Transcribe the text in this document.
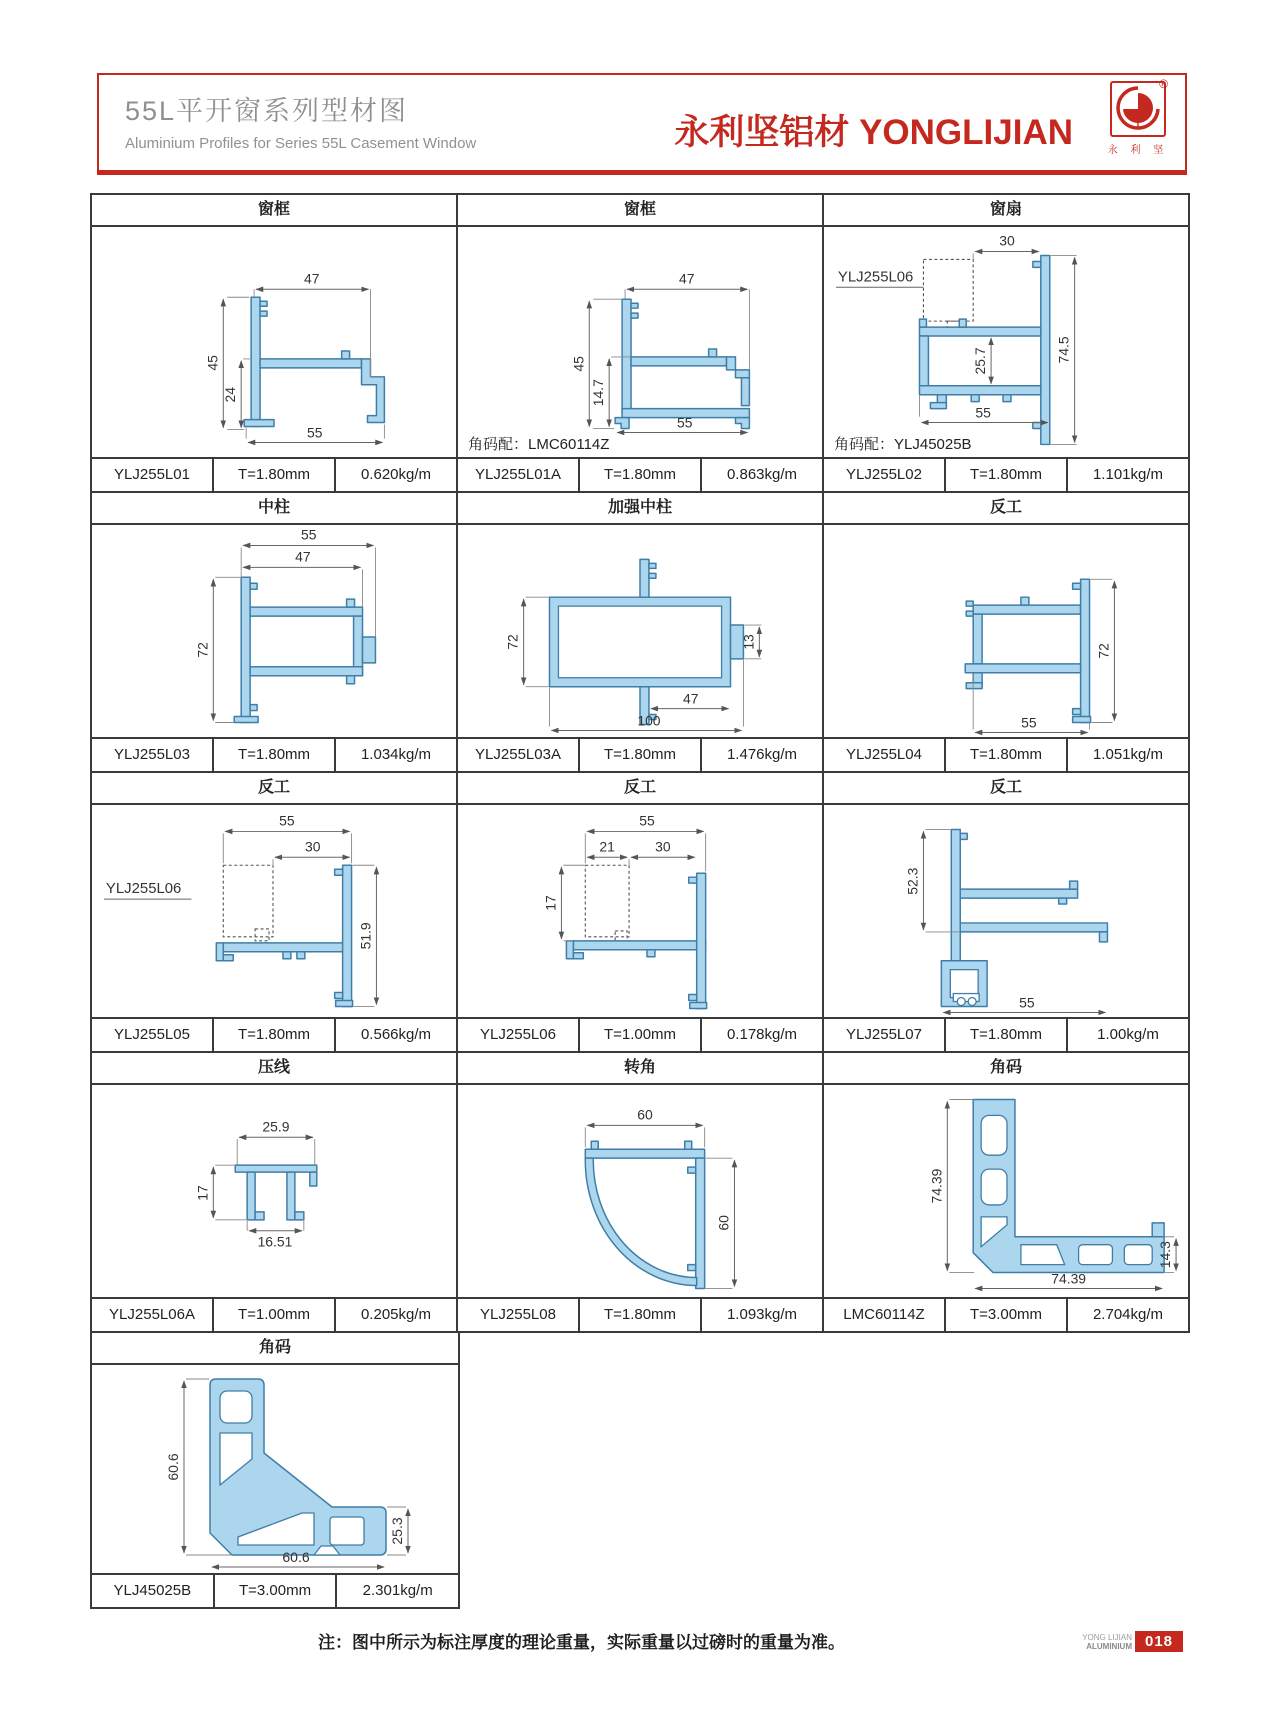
55L平开窗系列型材图
Aluminium Profiles for Series 55L Casement Window	永利坚铝材 YONGLIJIAN
®
丫
永 利 坚
窗框
47
45
24
55
YLJ255L01	T=1.80mm	0.620kg/m
窗框
47
45
14.7
55
角码配：LMC60114Z
YLJ255L01A	T=1.80mm	0.863kg/m
窗扇
YLJ255L06
30
25.7	74.5
55
角码配：YLJ45025B
YLJ255L02	T=1.80mm	1.101kg/m
中柱
55
47
72
YLJ255L03	T=1.80mm	1.034kg/m
加强中柱
72	13
47
100
YLJ255L03A	T=1.80mm	1.476kg/m
反工
72
55
YLJ255L04	T=1.80mm	1.051kg/m
反工
YLJ255L06
55
30
51.9
YLJ255L05	T=1.80mm	0.566kg/m
反工
55
21	30
17
YLJ255L06	T=1.00mm	0.178kg/m
反工
52.3
55
YLJ255L07	T=1.80mm	1.00kg/m
压线
25.9
17
16.51
YLJ255L06A	T=1.00mm	0.205kg/m
转角
60
60
YLJ255L08	T=1.80mm	1.093kg/m
角码
74.39
14.3
74.39
LMC60114Z	T=3.00mm	2.704kg/m
角码
60.6
25.3
60.6
YLJ45025B	T=3.00mm	2.301kg/m
注：图中所示为标注厚度的理论重量，实际重量以过磅时的重量为准。	YONG LIJIAN
ALUMINIUM 018
